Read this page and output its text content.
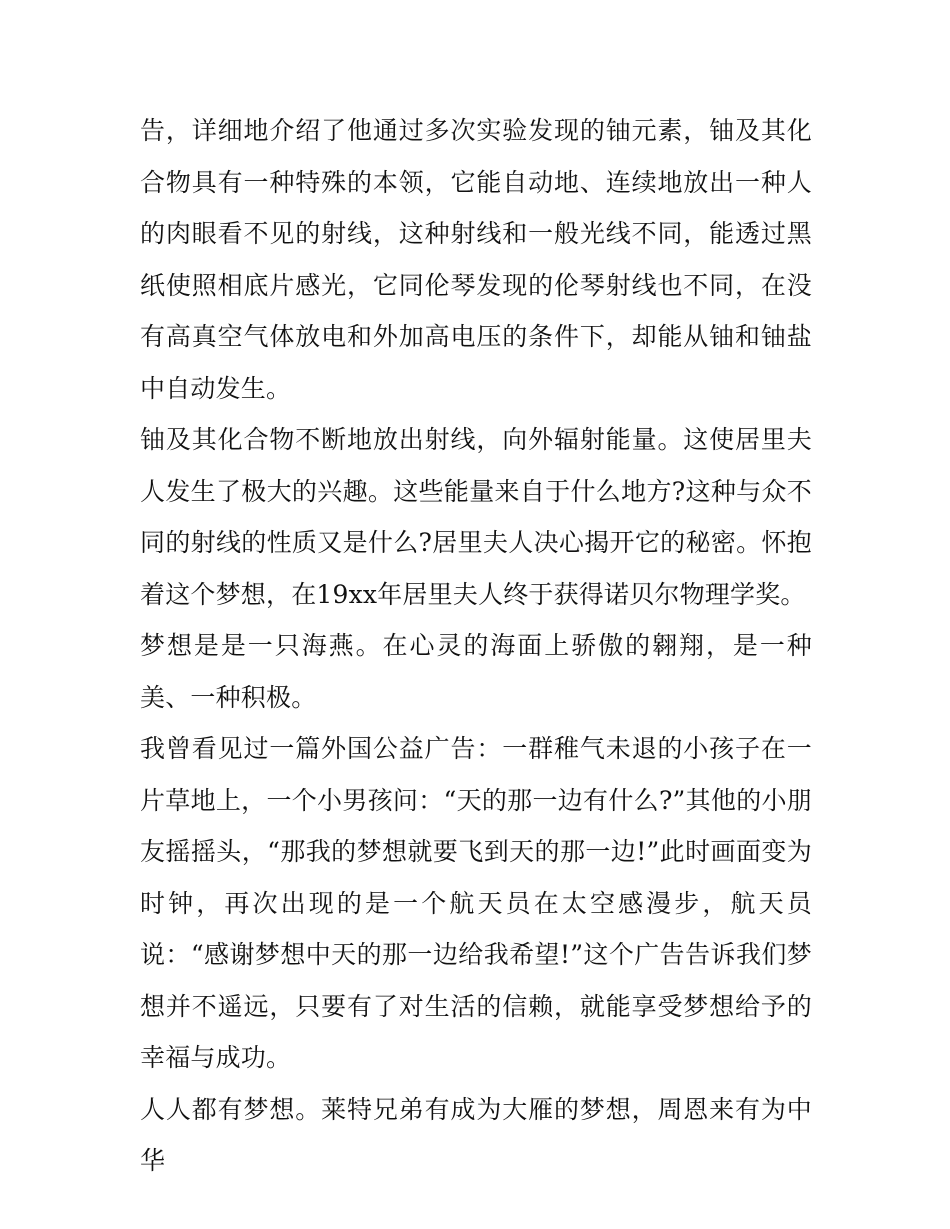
告，详细地介绍了他通过多次实验发现的铀元素，铀及其化合物具有一种特殊的本领，它能自动地、连续地放出一种人的肉眼看不见的射线，这种射线和一般光线不同，能透过黑纸使照相底片感光，它同伦琴发现的伦琴射线也不同，在没有高真空气体放电和外加高电压的条件下，却能从铀和铀盐中自动发生。

铀及其化合物不断地放出射线，向外辐射能量。这使居里夫人发生了极大的兴趣。这些能量来自于什么地方?这种与众不同的射线的性质又是什么?居里夫人决心揭开它的秘密。怀抱着这个梦想，在19xx年居里夫人终于获得诺贝尔物理学奖。

梦想是是一只海燕。在心灵的海面上骄傲的翱翔，是一种美、一种积极。

我曾看见过一篇外国公益广告：一群稚气未退的小孩子在一片草地上，一个小男孩问：“天的那一边有什么?”其他的小朋友摇摇头，“那我的梦想就要飞到天的那一边!”此时画面变为时钟，再次出现的是一个航天员在太空感漫步，航天员说：“感谢梦想中天的那一边给我希望!”这个广告告诉我们梦想并不遥远，只要有了对生活的信赖，就能享受梦想给予的幸福与成功。

人人都有梦想。莱特兄弟有成为大雁的梦想，周恩来有为中华
